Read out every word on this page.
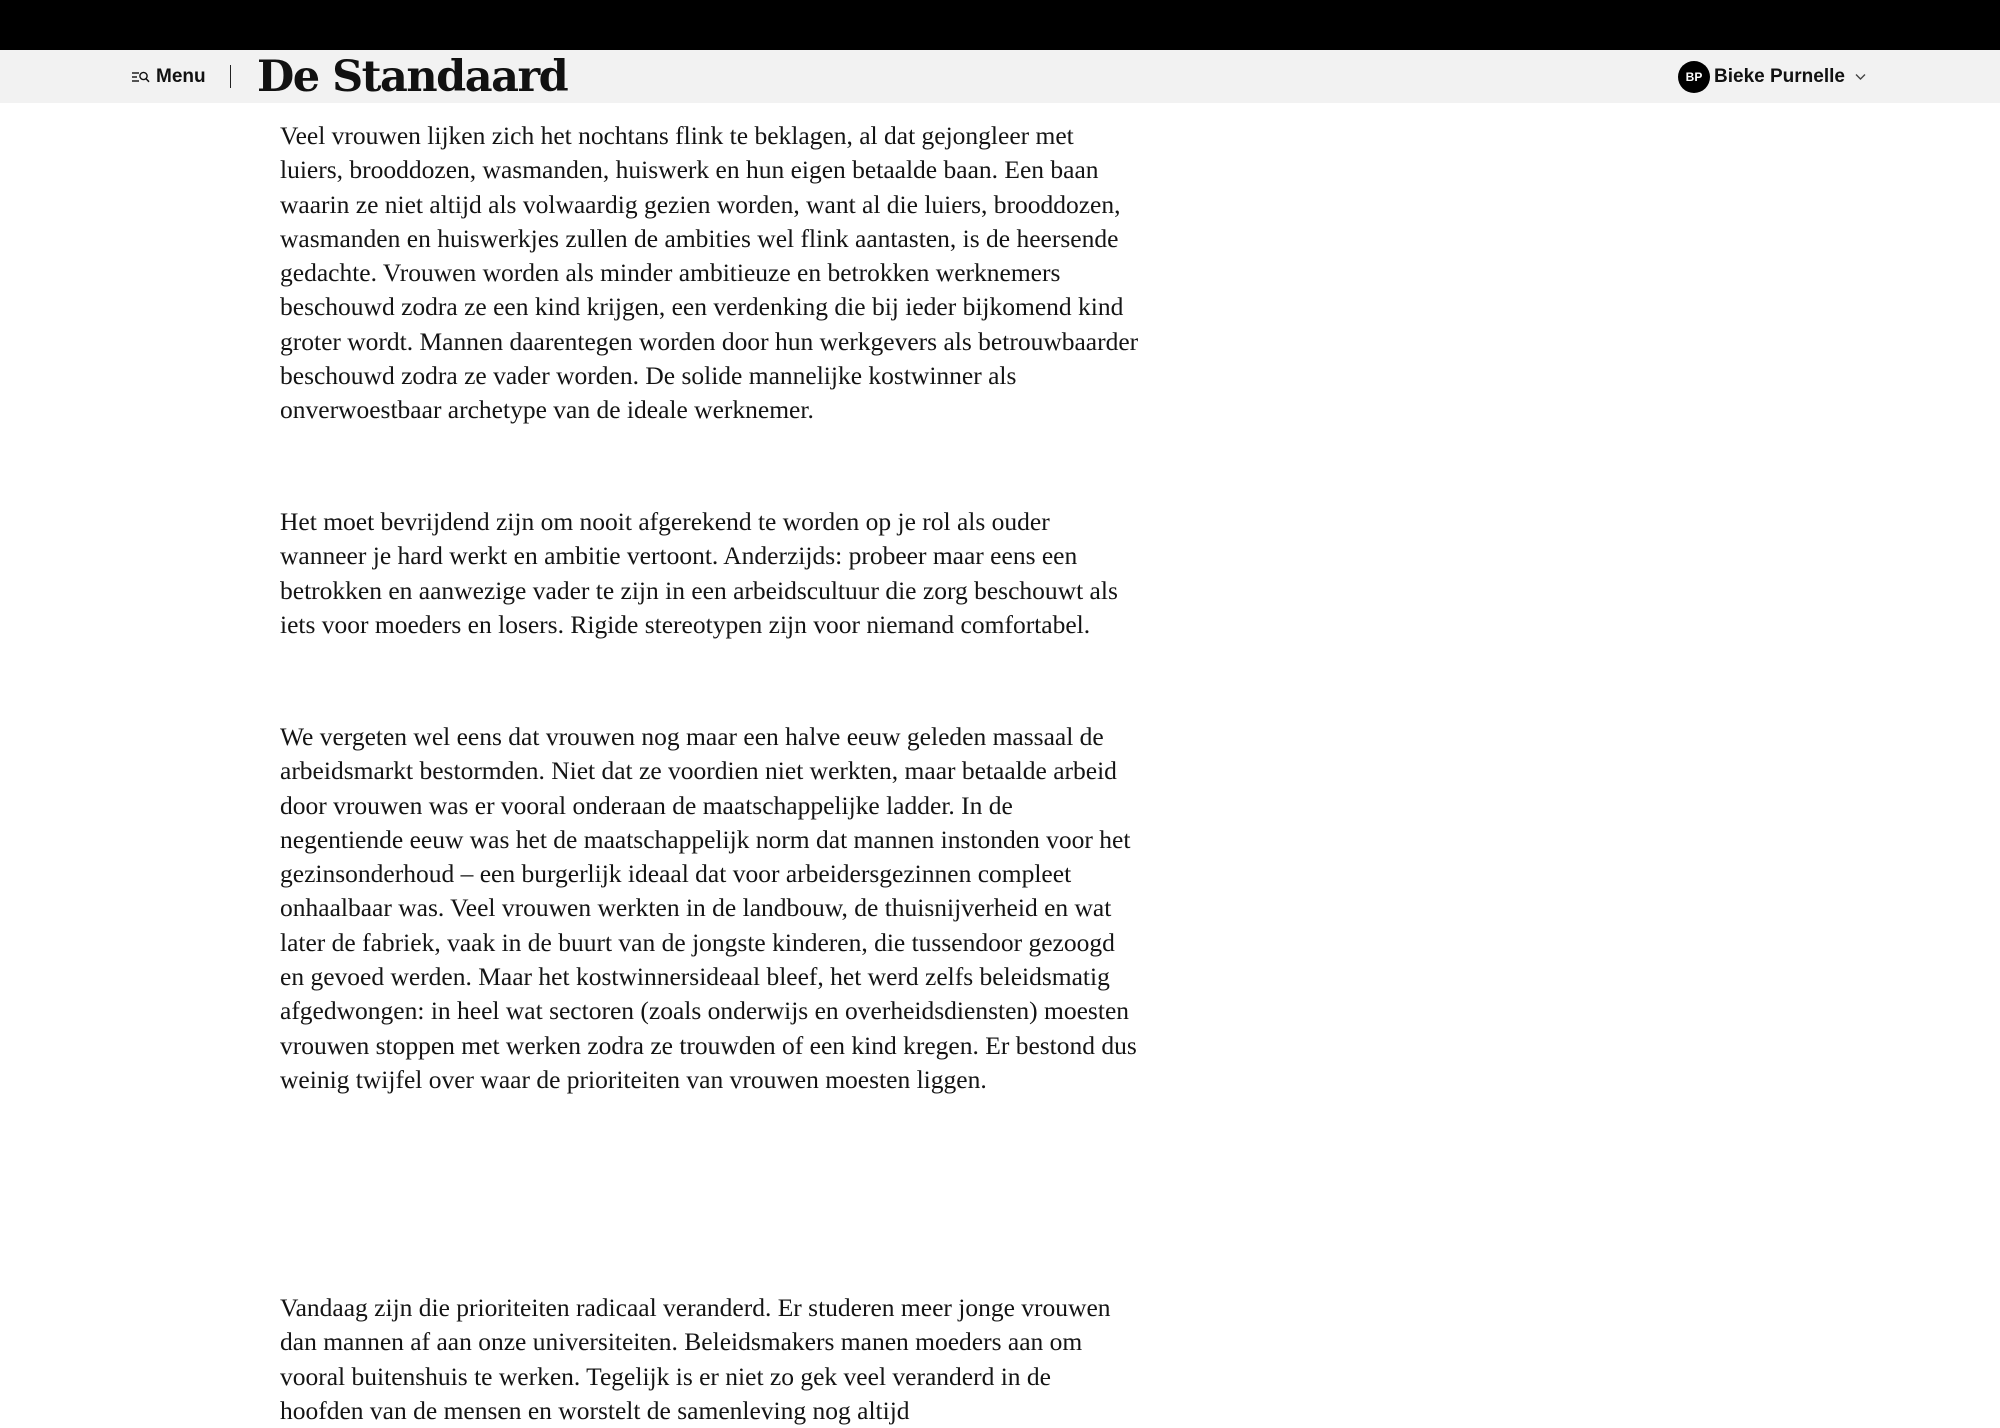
Menu De Standaard	BP Bieke Purnelle

Veel vrouwen lijken zich het nochtans flink te beklagen, al dat gejongleer met luiers, brooddozen, wasmanden, huiswerk en hun eigen betaalde baan. Een baan waarin ze niet altijd als volwaardig gezien worden, want al die luiers, brooddozen, wasmanden en huiswerkjes zullen de ambities wel flink aantasten, is de heersende gedachte. Vrouwen worden als minder ambitieuze en betrokken werknemers beschouwd zodra ze een kind krijgen, een verdenking die bij ieder bijkomend kind groter wordt. Mannen daarentegen worden door hun werkgevers als betrouwbaarder beschouwd zodra ze vader worden. De solide mannelijke kostwinner als onverwoestbaar archetype van de ideale werknemer.

Het moet bevrijdend zijn om nooit afgerekend te worden op je rol als ouder wanneer je hard werkt en ambitie vertoont. Anderzijds: probeer maar eens een betrokken en aanwezige vader te zijn in een arbeidscultuur die zorg beschouwt als iets voor moeders en losers. Rigide stereotypen zijn voor niemand comfortabel.

We vergeten wel eens dat vrouwen nog maar een halve eeuw geleden massaal de arbeidsmarkt bestormden. Niet dat ze voordien niet werkten, maar betaalde arbeid door vrouwen was er vooral onderaan de maatschappelijke ladder. In de negentiende eeuw was het de maatschappelijk norm dat mannen instonden voor het gezinsonderhoud – een burgerlijk ideaal dat voor arbeidersgezinnen compleet onhaalbaar was. Veel vrouwen werkten in de landbouw, de thuisnijverheid en wat later de fabriek, vaak in de buurt van de jongste kinderen, die tussendoor gezoogd en gevoed werden. Maar het kostwinnersideaal bleef, het werd zelfs beleidsmatig afgedwongen: in heel wat sectoren (zoals onderwijs en overheidsdiensten) moesten vrouwen stoppen met werken zodra ze trouwden of een kind kregen. Er bestond dus weinig twijfel over waar de prioriteiten van vrouwen moesten liggen.

Vandaag zijn die prioriteiten radicaal veranderd. Er studeren meer jonge vrouwen dan mannen af aan onze universiteiten. Beleidsmakers manen moeders aan om vooral buitenshuis te werken. Tegelijk is er niet zo gek veel veranderd in de hoofden van de mensen en worstelt de samenleving nog altijd
